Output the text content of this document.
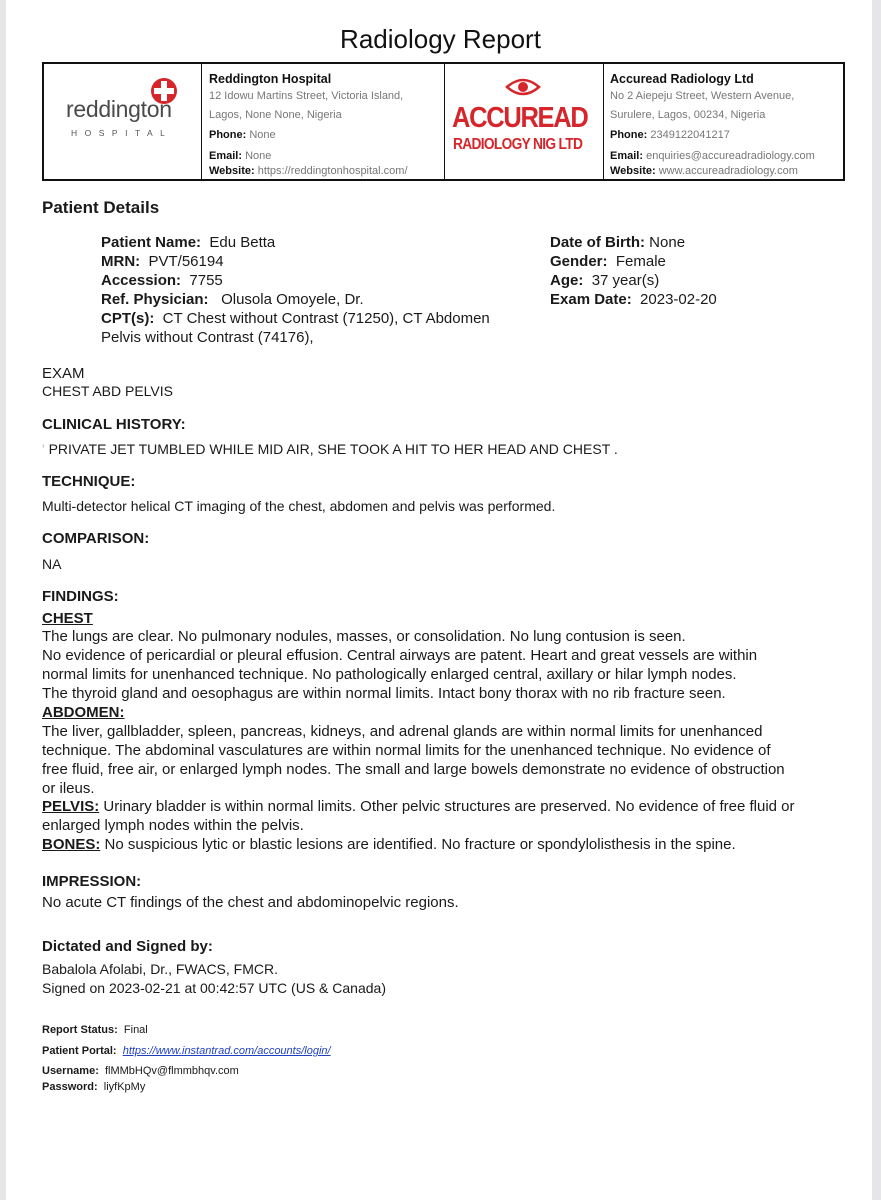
Radiology Report
reddington
HOSPITAL
Reddington Hospital
12 Idowu Martins Street, Victoria Island,
Lagos, None None, Nigeria
Phone: None
Email: None
Website: https://reddingtonhospital.com/
ACCUREAD
RADIOLOGY NIG LTD
Accuread Radiology Ltd
No 2 Aiepeju Street, Western Avenue,
Surulere, Lagos, 00234, Nigeria
Phone: 2349122041217
Email: enquiries@accureadradiology.com
Website: www.accureadradiology.com
Patient Details
Patient Name: Edu Betta
MRN: PVT/56194
Accession: 7755
Ref. Physician: Olusola Omoyele, Dr.
CPT(s): CT Chest without Contrast (71250), CT Abdomen
Pelvis without Contrast (74176),
Date of Birth: None
Gender: Female
Age: 37 year(s)
Exam Date: 2023-02-20
EXAM
CHEST ABD PELVIS
CLINICAL HISTORY:
' PRIVATE JET TUMBLED WHILE MID AIR, SHE TOOK A HIT TO HER HEAD AND CHEST .
TECHNIQUE:
Multi-detector helical CT imaging of the chest, abdomen and pelvis was performed.
COMPARISON:
NA
FINDINGS:
CHEST
The lungs are clear. No pulmonary nodules, masses, or consolidation. No lung contusion is seen.
No evidence of pericardial or pleural effusion. Central airways are patent. Heart and great vessels are within
normal limits for unenhanced technique. No pathologically enlarged central, axillary or hilar lymph nodes.
The thyroid gland and oesophagus are within normal limits. Intact bony thorax with no rib fracture seen.
ABDOMEN:
The liver, gallbladder, spleen, pancreas, kidneys, and adrenal glands are within normal limits for unenhanced
technique. The abdominal vasculatures are within normal limits for the unenhanced technique. No evidence of
free fluid, free air, or enlarged lymph nodes. The small and large bowels demonstrate no evidence of obstruction
or ileus.
PELVIS: Urinary bladder is within normal limits. Other pelvic structures are preserved. No evidence of free fluid or
enlarged lymph nodes within the pelvis.
BONES: No suspicious lytic or blastic lesions are identified. No fracture or spondylolisthesis in the spine.
IMPRESSION:
No acute CT findings of the chest and abdominopelvic regions.
Dictated and Signed by:
Babalola Afolabi, Dr., FWACS, FMCR.
Signed on 2023-02-21 at 00:42:57 UTC (US & Canada)
Report Status: Final
Patient Portal: https://www.instantrad.com/accounts/login/
Username: flMMbHQv@flmmbhqv.com
Password: liyfKpMy
